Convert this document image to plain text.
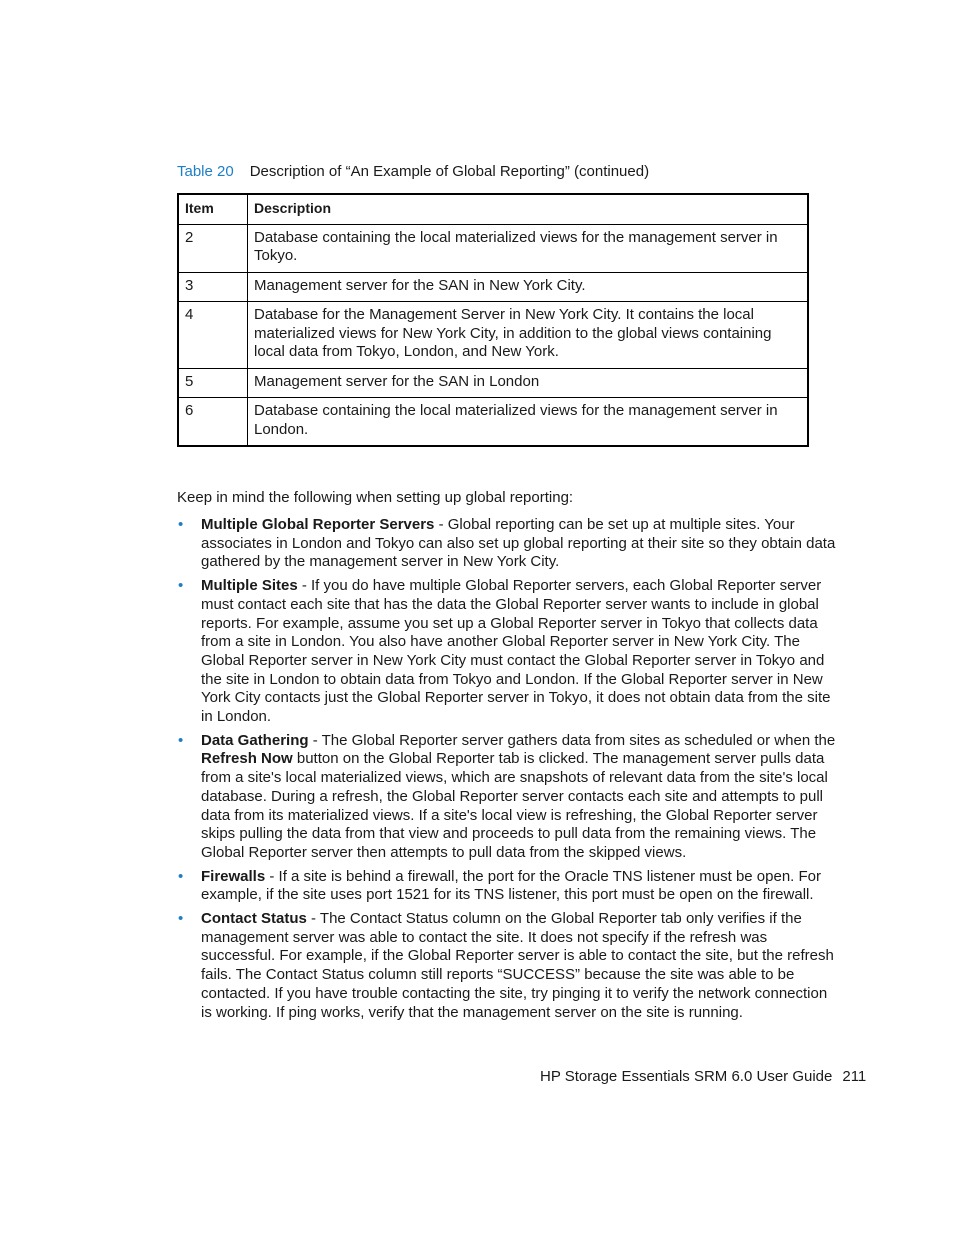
Table 20 Description of “An Example of Global Reporting” (continued)
Item	Description
2	Database containing the local materialized views for the management server in Tokyo.
3	Management server for the SAN in New York City.
4	Database for the Management Server in New York City. It contains the local materialized views for New York City, in addition to the global views containing local data from Tokyo, London, and New York.
5	Management server for the SAN in London
6	Database containing the local materialized views for the management server in London.
Keep in mind the following when setting up global reporting:
• Multiple Global Reporter Servers - Global reporting can be set up at multiple sites. Your associates in London and Tokyo can also set up global reporting at their site so they obtain data gathered by the management server in New York City.
• Multiple Sites - If you do have multiple Global Reporter servers, each Global Reporter server must contact each site that has the data the Global Reporter server wants to include in global reports. For example, assume you set up a Global Reporter server in Tokyo that collects data from a site in London. You also have another Global Reporter server in New York City. The Global Reporter server in New York City must contact the Global Reporter server in Tokyo and the site in London to obtain data from Tokyo and London. If the Global Reporter server in New York City contacts just the Global Reporter server in Tokyo, it does not obtain data from the site in London.
• Data Gathering - The Global Reporter server gathers data from sites as scheduled or when the Refresh Now button on the Global Reporter tab is clicked. The management server pulls data from a site's local materialized views, which are snapshots of relevant data from the site's local database. During a refresh, the Global Reporter server contacts each site and attempts to pull data from its materialized views. If a site's local view is refreshing, the Global Reporter server skips pulling the data from that view and proceeds to pull data from the remaining views. The Global Reporter server then attempts to pull data from the skipped views.
• Firewalls - If a site is behind a firewall, the port for the Oracle TNS listener must be open. For example, if the site uses port 1521 for its TNS listener, this port must be open on the firewall.
• Contact Status - The Contact Status column on the Global Reporter tab only verifies if the management server was able to contact the site. It does not specify if the refresh was successful. For example, if the Global Reporter server is able to contact the site, but the refresh fails. The Contact Status column still reports “SUCCESS” because the site was able to be contacted. If you have trouble contacting the site, try pinging it to verify the network connection is working. If ping works, verify that the management server on the site is running.
HP Storage Essentials SRM 6.0 User Guide 211
